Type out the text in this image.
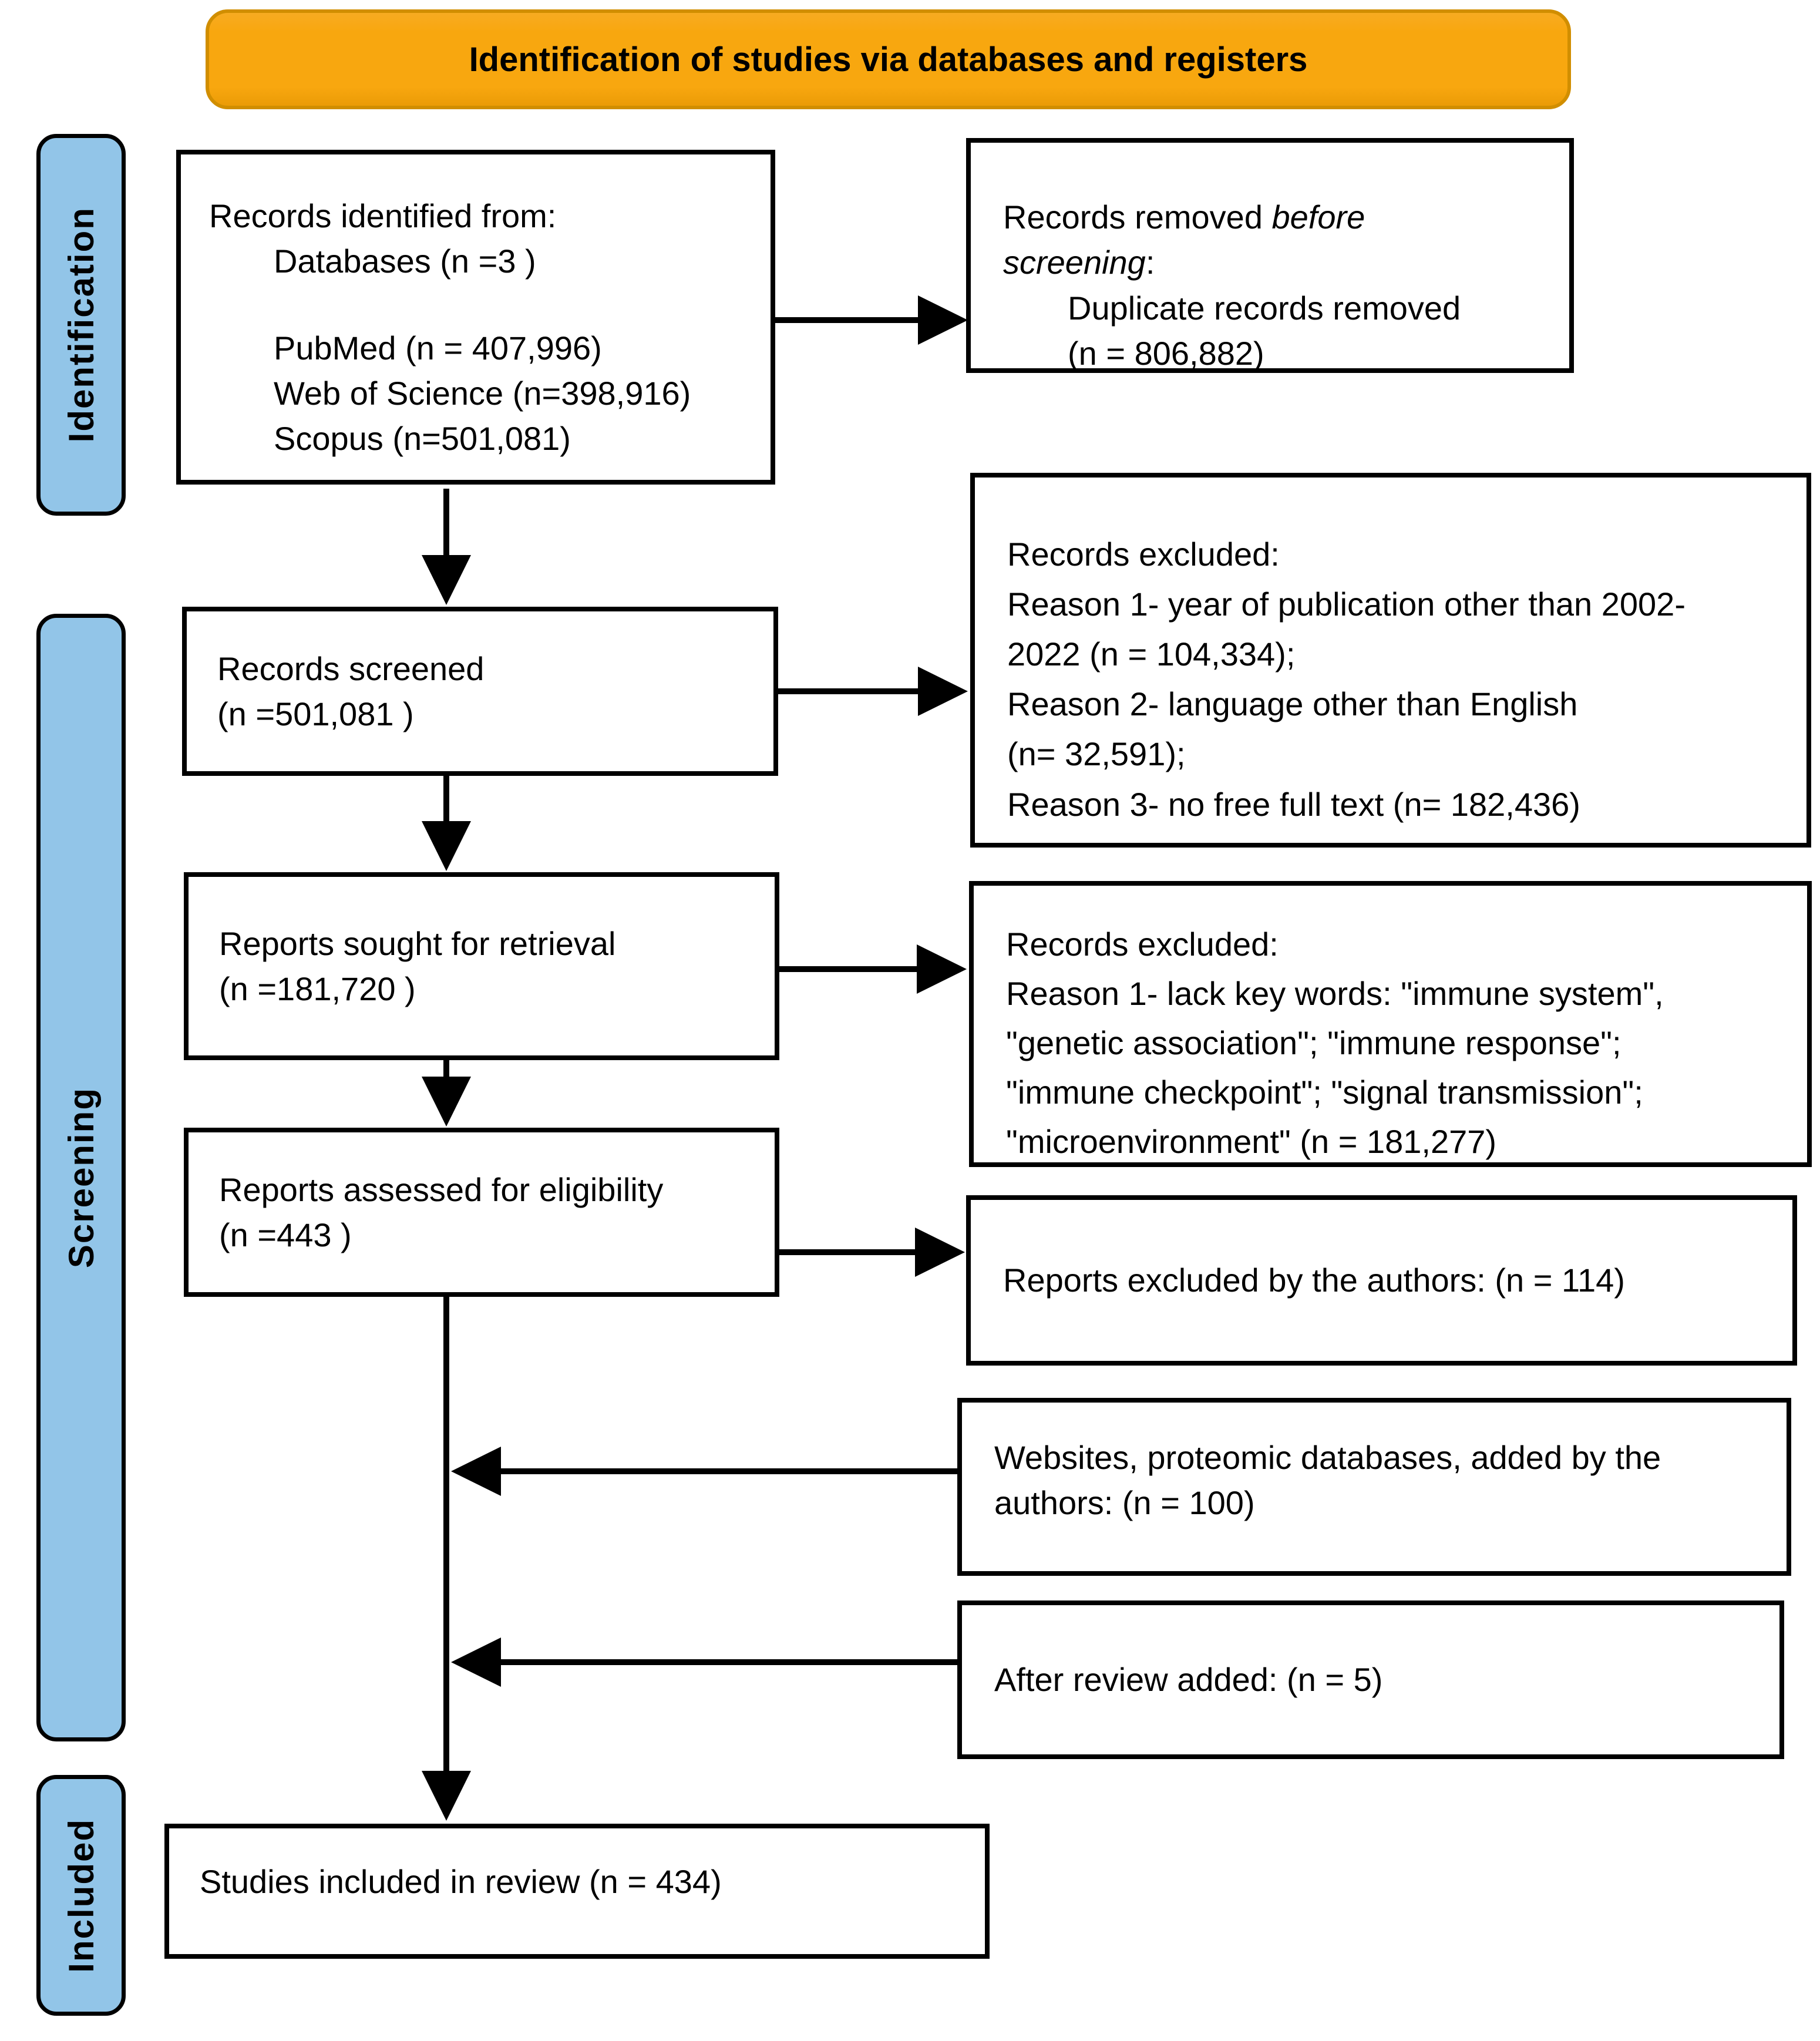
Identification of studies via databases and registers
Identification
Screening
Included
Records identified from:
Databases (n =3 )
PubMed (n = 407,996)
Web of Science (n=398,916)
Scopus (n=501,081)
Records screened
(n =501,081 )
Reports sought for retrieval
(n =181,720 )
Reports assessed for eligibility
(n =443 )
Studies included in review (n = 434)
Records removed before
screening:
Duplicate records removed
(n = 806,882)
Records excluded:
Reason 1- year of publication other than 2002-
2022 (n = 104,334);
Reason 2- language other than English
(n= 32,591);
Reason 3- no free full text (n= 182,436)
Records excluded:
Reason 1- lack key words: "immune system",
"genetic association"; "immune response";
"immune checkpoint"; "signal transmission";
"microenvironment" (n = 181,277)
Reports excluded by the authors: (n = 114)
Websites, proteomic databases, added by the
authors: (n = 100)
After review added: (n = 5)
